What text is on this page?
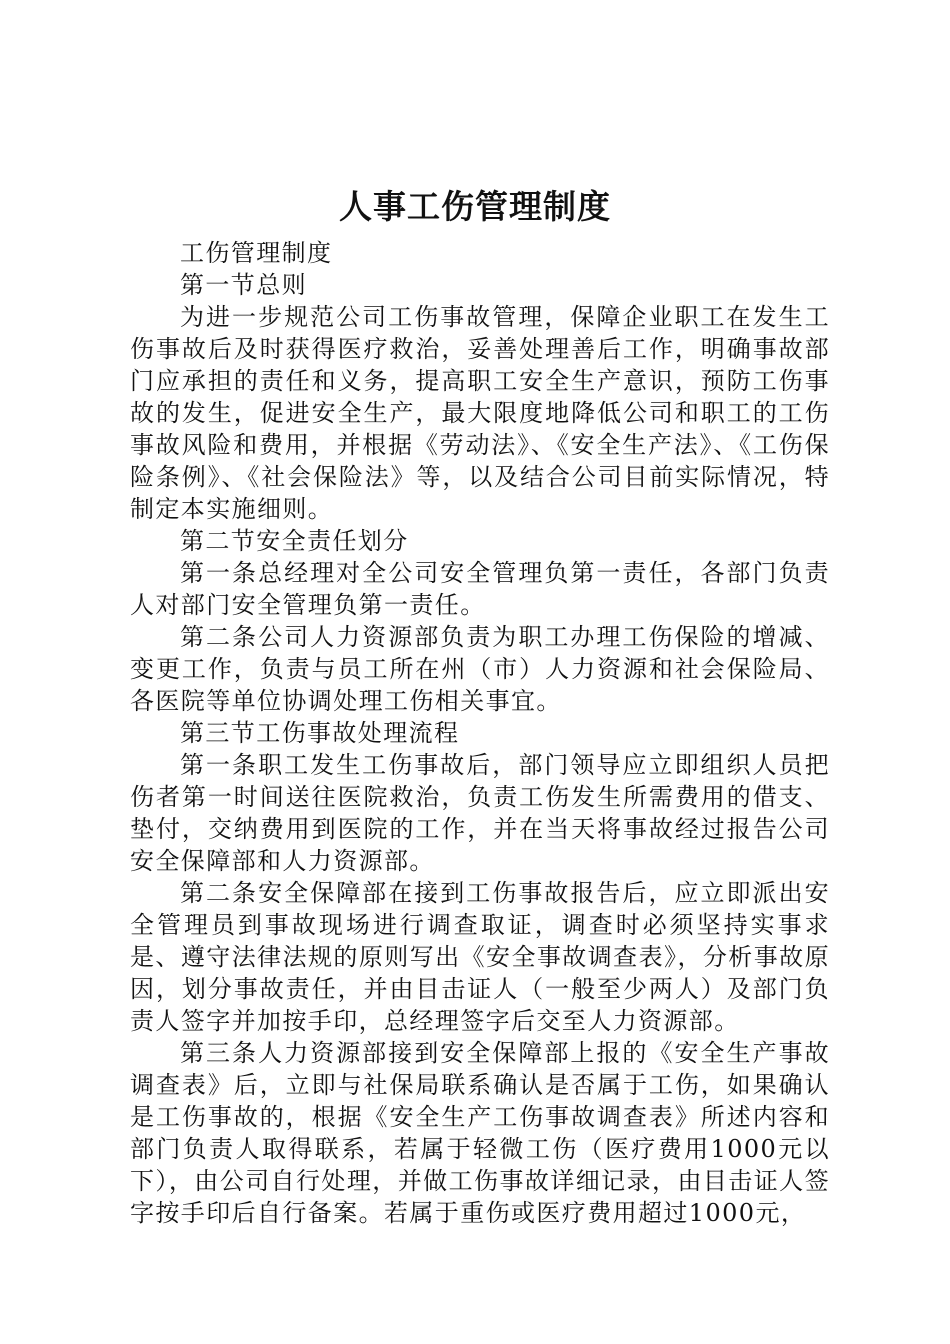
人事工伤管理制度

工伤管理制度

第一节总则

为进一步规范公司工伤事故管理，保障企业职工在发生工伤事故后及时获得医疗救治，妥善处理善后工作，明确事故部门应承担的责任和义务，提高职工安全生产意识，预防工伤事故的发生，促进安全生产，最大限度地降低公司和职工的工伤事故风险和费用，并根据《劳动法》、《安全生产法》、《工伤保险条例》、《社会保险法》等，以及结合公司目前实际情况，特制定本实施细则。

第二节安全责任划分

第一条总经理对全公司安全管理负第一责任，各部门负责人对部门安全管理负第一责任。

第二条公司人力资源部负责为职工办理工伤保险的增减、变更工作，负责与员工所在州（市）人力资源和社会保险局、各医院等单位协调处理工伤相关事宜。

第三节工伤事故处理流程

第一条职工发生工伤事故后，部门领导应立即组织人员把伤者第一时间送往医院救治，负责工伤发生所需费用的借支、垫付，交纳费用到医院的工作，并在当天将事故经过报告公司安全保障部和人力资源部。

第二条安全保障部在接到工伤事故报告后，应立即派出安全管理员到事故现场进行调查取证，调查时必须坚持实事求是、遵守法律法规的原则写出《安全事故调查表》，分析事故原因，划分事故责任，并由目击证人（一般至少两人）及部门负责人签字并加按手印，总经理签字后交至人力资源部。

第三条人力资源部接到安全保障部上报的《安全生产事故调查表》后，立即与社保局联系确认是否属于工伤，如果确认是工伤事故的，根据《安全生产工伤事故调查表》所述内容和部门负责人取得联系，若属于轻微工伤（医疗费用1000元以下），由公司自行处理，并做工伤事故详细记录，由目击证人签字按手印后自行备案。若属于重伤或医疗费用超过1000元，
